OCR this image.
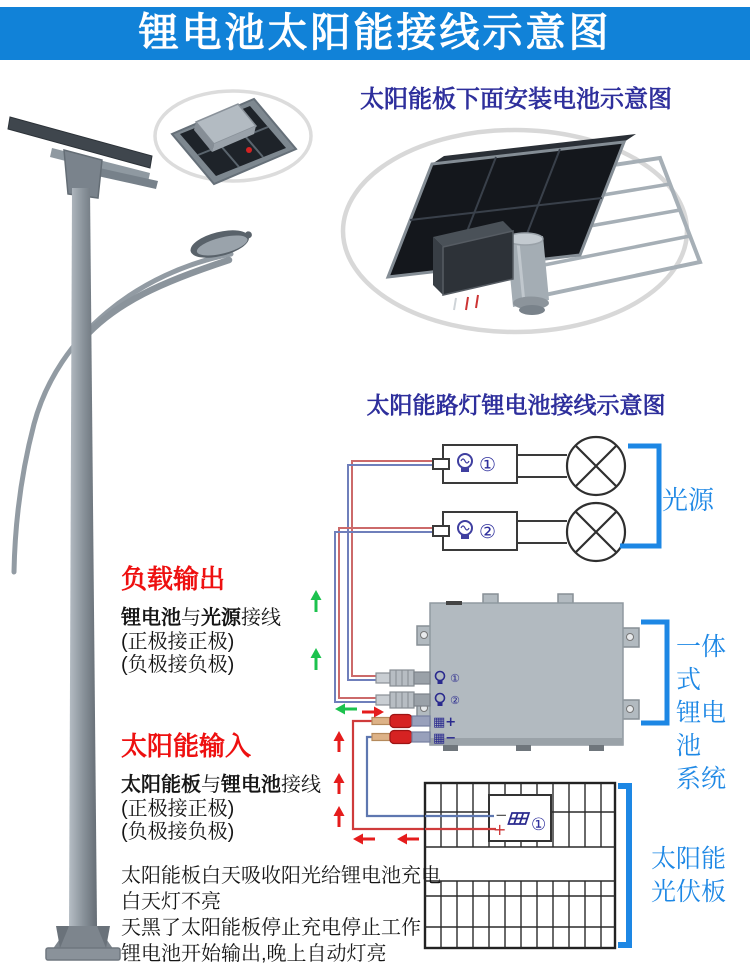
①
②
①
②
▦+
▦−
−
+ ①
锂电池太阳能接线示意图
太阳能板下面安装电池示意图
太阳能路灯锂电池接线示意图
光源
一体式
锂电池
系统
太阳能
光伏板
负载输出
锂电池与光源接线
(正极接正极)
(负极接负极)
太阳能输入
太阳能板与锂电池接线
(正极接正极)
(负极接负极)
太阳能板白天吸收阳光给锂电池充电
白天灯不亮
天黑了太阳能板停止充电停止工作
锂电池开始输出,晚上自动灯亮
